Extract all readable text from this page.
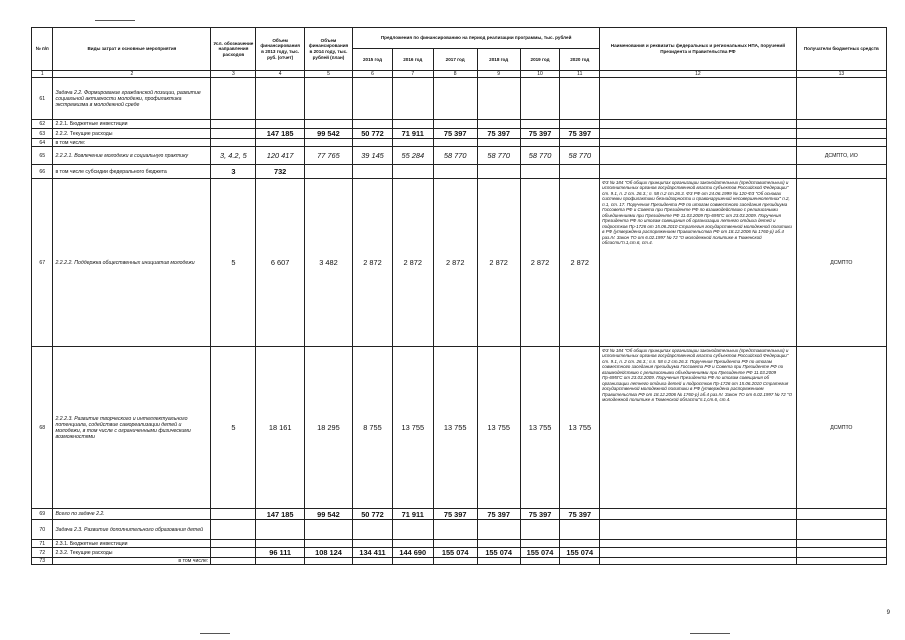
№ п/п	Виды затрат и основные мероприятия	Усл. обозначение направления расходов	Объем финансирования в 2013 году, тыс. руб. (отчет)	Объем финансирования в 2014 году, тыс. рублей (план)	Предложения по финансированию на период реализации программы, тыс. рублей						Наименования и реквизиты федеральных и региональных НПА, поручений Президента и Правительства РФ	Получатели бюджетных средств
					2015 год	2016 год	2017 год	2018 год	2019 год	2020 год		
1	2	3	4	5	6	7	8	9	10	11	12	13
61	Задача 2.2. Формирование гражданской позиции, развитие социальной активности молодежи, профилактика экстремизма в молодежной среде											
62	2.2.1. Бюджетные инвестиции											
63	2.2.2. Текущие расходы		147 185	99 542	50 772	71 911	75 397	75 397	75 397	75 397		
64	в том числе:											
65	2.2.2.1. Вовлечение молодежи в социальную практику	3, 4.2, 5	120 417	77 765	39 145	55 284	58 770	58 770	58 770	58 770		ДСМПТО, ИО
66	в том числе субсидии федерального бюджета	3	732									
67	2.2.2.2. Поддержка общественных инициатив молодежи	5	6 607	3 482	2 872	2 872	2 872	2 872	2 872	2 872	ФЗ № 184 "Об общих принципах организации законодательных (представительных) и исполнительных органов государственной власти субъектов Российской Федерации" ст. 9.1, п. 2 ст. 26.3.; п. 58 п.2 ст.26.3. ФЗ РФ от 24.06.1999 № 120-ФЗ "Об основах системы профилактики безнадзорности и правонарушений несовершеннолетних" п.2, п.1, ст. 17. Поручения Президента РФ по итогам совместного заседания президиума Госсовета РФ и Совета при Президенте РФ по взаимодействию с религиозными объединениями при Президенте РФ 11.03.2009 Пр-695ГС от 23.03.2009. Поручения Президента РФ по итогам совещания об организации летнего отдыха детей и подростков Пр-1726 от 15.06.2010 Стратегия государственной молодежной политики в РФ (утверждена распоряжением Правительства РФ от 18.12.2006 № 1760-р) аб.4 раз.IV. Закон ТО от 6.02.1997 № 72 "О молодежной политике в Тюменской области"п.1,ст.6, ст.4.	ДСМПТО
68	2.2.2.3. Развитие творческого и интеллектуального потенциала, содействие самореализации детей и молодежи, в том числе с ограниченными физическими возможностями	5	18 161	18 295	8 755	13 755	13 755	13 755	13 755	13 755	ФЗ № 184 "Об общих принципах организации законодательных (представительных) и исполнительных органов государственной власти субъектов Российской Федерации" ст. 9.1, п. 2 ст. 26.3.; п.п. 58 п.2 ст.26.3. Поручения Президента РФ по итогам совместного заседания президиума Госсовета РФ и Совета при Президенте РФ по взаимодействию с религиозными объединениями при Президенте РФ 11.03.2009 Пр-695ГС от 23.03.2009. Поручения Президента РФ по итогам совещания об организации летнего отдыха детей и подростков Пр-1726 от 15.06.2010 Стратегия государственной молодежной политики в РФ (утверждена распоряжением Правительства РФ от 18.12.2006 № 1760-р) аб.4 раз.IV. Закон ТО от 6.02.1997 № 72 "О молодежной политике в Тюменской области"п.1,ст.6, ст.4.	ДСМПТО
69	Всего по задаче 2.2.		147 185	99 542	50 772	71 911	75 397	75 397	75 397	75 397		
70	Задача 2.3. Развитие дополнительного образования детей											
71	2.3.1. Бюджетные инвестиции											
72	2.3.2. Текущие расходы		96 111	108 124	134 411	144 690	155 074	155 074	155 074	155 074		
73	в том числе:											
9
